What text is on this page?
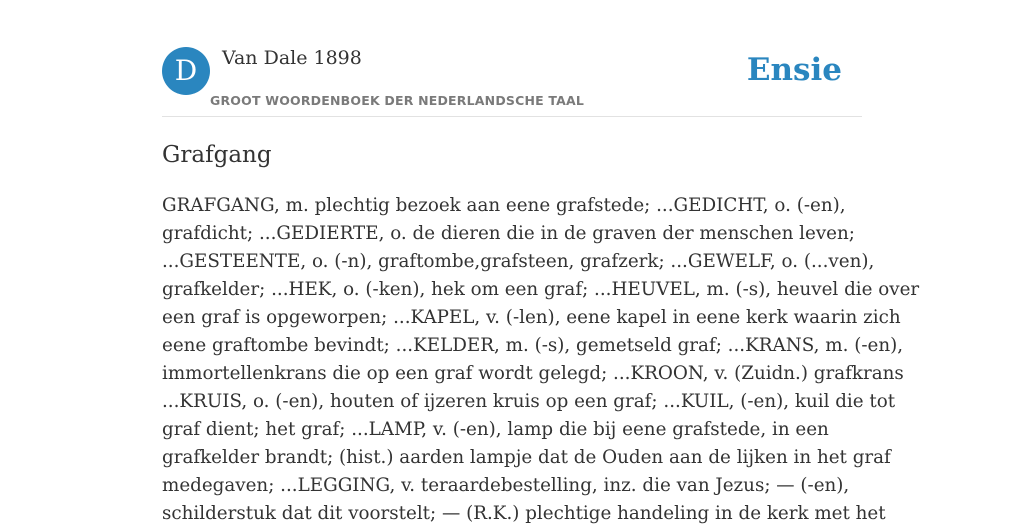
D	Van Dale 1898
GROOT WOORDENBOEK DER NEDERLANDSCHE TAAL
Ensie
Grafgang
GRAFGANG, m. plechtig bezoek aan eene grafstede; ...GEDICHT, o. (-en),
grafdicht; ...GEDIERTE, o. de dieren die in de graven der menschen leven;
...GESTEENTE, o. (-n), graftombe,grafsteen, grafzerk; ...GEWELF, o. (...ven),
grafkelder; ...HEK, o. (-ken), hek om een graf; ...HEUVEL, m. (-s), heuvel die over
een graf is opgeworpen; ...KAPEL, v. (-len), eene kapel in eene kerk waarin zich
eene graftombe bevindt; ...KELDER, m. (-s), gemetseld graf; ...KRANS, m. (-en),
immortellenkrans die op een graf wordt gelegd; ...KROON, v. (Zuidn.) grafkrans
...KRUIS, o. (-en), houten of ijzeren kruis op een graf; ...KUIL, (-en), kuil die tot
graf dient; het graf; ...LAMP, v. (-en), lamp die bij eene grafstede, in een
grafkelder brandt; (hist.) aarden lampje dat de Ouden aan de lijken in het graf
medegaven; ...LEGGING, v. teraardebestelling, inz. die van Jezus; — (-en),
schilderstuk dat dit voorstelt; — (R.K.) plechtige handeling in de kerk met het
